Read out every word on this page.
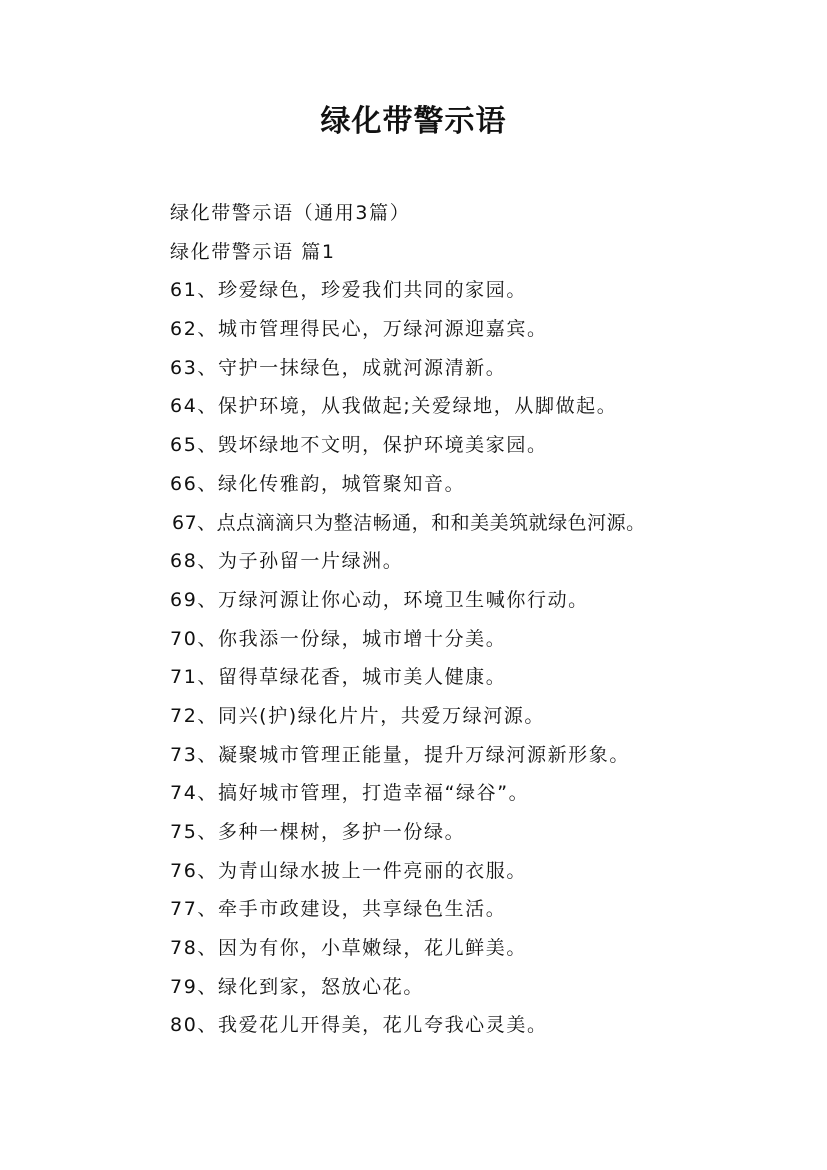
绿化带警示语
绿化带警示语（通用3篇）
绿化带警示语 篇1
61、珍爱绿色，珍爱我们共同的家园。
62、城市管理得民心，万绿河源迎嘉宾。
63、守护一抹绿色，成就河源清新。
64、保护环境，从我做起;关爱绿地，从脚做起。
65、毁坏绿地不文明，保护环境美家园。
66、绿化传雅韵，城管聚知音。
67、点点滴滴只为整洁畅通，和和美美筑就绿色河源。
68、为子孙留一片绿洲。
69、万绿河源让你心动，环境卫生喊你行动。
70、你我添一份绿，城市增十分美。
71、留得草绿花香，城市美人健康。
72、同兴(护)绿化片片，共爱万绿河源。
73、凝聚城市管理正能量，提升万绿河源新形象。
74、搞好城市管理，打造幸福“绿谷”。
75、多种一棵树，多护一份绿。
76、为青山绿水披上一件亮丽的衣服。
77、牵手市政建设，共享绿色生活。
78、因为有你，小草嫩绿，花儿鲜美。
79、绿化到家，怒放心花。
80、我爱花儿开得美，花儿夸我心灵美。
